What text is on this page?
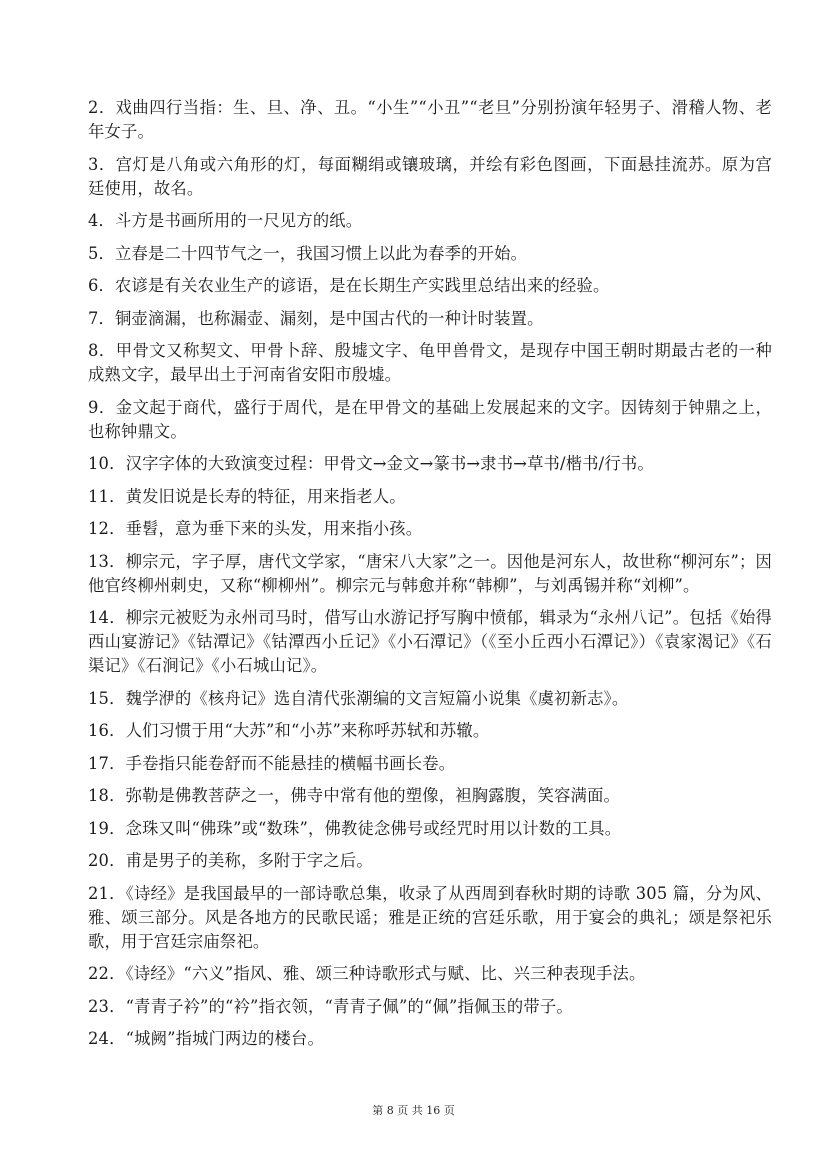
2．戏曲四行当指：生、旦、净、丑。“小生”“小丑”“老旦”分别扮演年轻男子、滑稽人物、老年女子。

3．宫灯是八角或六角形的灯，每面糊绢或镶玻璃，并绘有彩色图画，下面悬挂流苏。原为宫廷使用，故名。

4．斗方是书画所用的一尺见方的纸。

5．立春是二十四节气之一，我国习惯上以此为春季的开始。

6．农谚是有关农业生产的谚语，是在长期生产实践里总结出来的经验。

7．铜壶滴漏，也称漏壶、漏刻，是中国古代的一种计时装置。

8．甲骨文又称契文、甲骨卜辞、殷墟文字、龟甲兽骨文，是现存中国王朝时期最古老的一种成熟文字，最早出土于河南省安阳市殷墟。

9．金文起于商代，盛行于周代，是在甲骨文的基础上发展起来的文字。因铸刻于钟鼎之上，也称钟鼎文。

10．汉字字体的大致演变过程：甲骨文→金文→篆书→隶书→草书/楷书/行书。

11．黄发旧说是长寿的特征，用来指老人。

12．垂髫，意为垂下来的头发，用来指小孩。

13．柳宗元，字子厚，唐代文学家，“唐宋八大家”之一。因他是河东人，故世称“柳河东”；因他官终柳州刺史，又称“柳柳州”。柳宗元与韩愈并称“韩柳”，与刘禹锡并称“刘柳”。

14．柳宗元被贬为永州司马时，借写山水游记抒写胸中愤郁，辑录为“永州八记”。包括《始得西山宴游记》《钴潭记》《钴潭西小丘记》《小石潭记》（《至小丘西小石潭记》）《袁家渴记》《石渠记》《石涧记》《小石城山记》。

15．魏学洢的《核舟记》选自清代张潮编的文言短篇小说集《虞初新志》。

16．人们习惯于用“大苏”和“小苏”来称呼苏轼和苏辙。

17．手卷指只能卷舒而不能悬挂的横幅书画长卷。

18．弥勒是佛教菩萨之一，佛寺中常有他的塑像，袒胸露腹，笑容满面。

19．念珠又叫“佛珠”或“数珠”，佛教徒念佛号或经咒时用以计数的工具。

20．甫是男子的美称，多附于字之后。

21．《诗经》是我国最早的一部诗歌总集，收录了从西周到春秋时期的诗歌 305 篇，分为风、雅、颂三部分。风是各地方的民歌民谣；雅是正统的宫廷乐歌，用于宴会的典礼；颂是祭祀乐歌，用于宫廷宗庙祭祀。

22．《诗经》“六义”指风、雅、颂三种诗歌形式与赋、比、兴三种表现手法。

23．“青青子衿”的“衿”指衣领，“青青子佩”的“佩”指佩玉的带子。

24．“城阙”指城门两边的楼台。

第 8 页 共 16 页
